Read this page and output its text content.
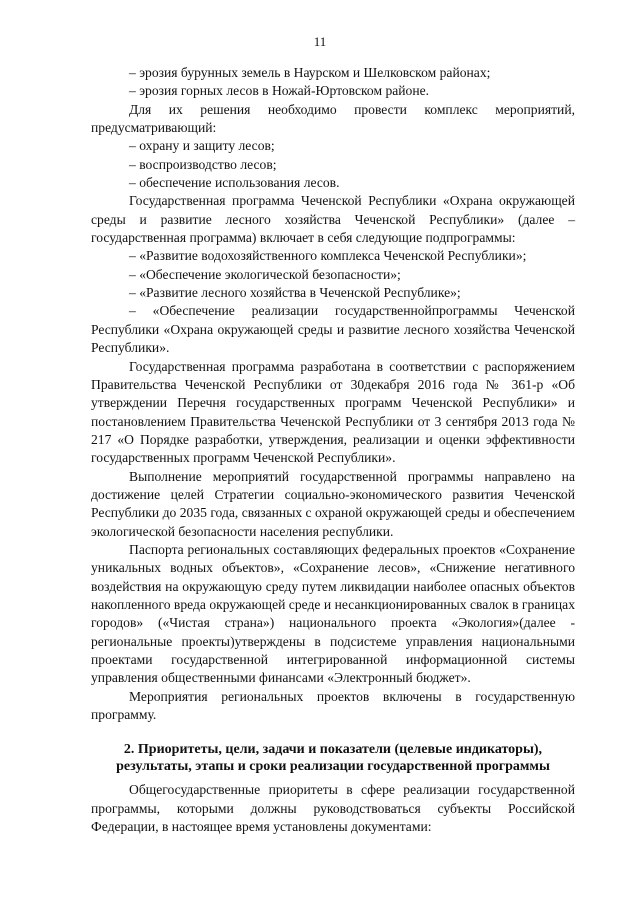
11

– эрозия бурунных земель в Наурском и Шелковском районах;

– эрозия горных лесов в Ножай-Юртовском районе.

Для их решения необходимо провести комплекс мероприятий, предусматривающий:

– охрану и защиту лесов;

– воспроизводство лесов;

– обеспечение использования лесов.

Государственная программа Чеченской Республики «Охрана окружающей среды и развитие лесного хозяйства Чеченской Республики» (далее – государственная программа) включает в себя следующие подпрограммы:

– «Развитие водохозяйственного комплекса Чеченской Республики»;

– «Обеспечение экологической безопасности»;

– «Развитие лесного хозяйства в Чеченской Республике»;

– «Обеспечение реализации государственнойпрограммы Чеченской Республики «Охрана окружающей среды и развитие лесного хозяйства Чеченской Республики».

Государственная программа разработана в соответствии с распоряжением Правительства Чеченской Республики от 30декабря 2016 года № 361-р «Об утверждении Перечня государственных программ Чеченской Республики» и постановлением Правительства Чеченской Республики от 3 сентября 2013 года № 217 «О Порядке разработки, утверждения, реализации и оценки эффективности государственных программ Чеченской Республики».

Выполнение мероприятий государственной программы направлено на достижение целей Стратегии социально-экономического развития Чеченской Республики до 2035 года, связанных с охраной окружающей среды и обеспечением экологической безопасности населения республики.

Паспорта региональных составляющих федеральных проектов «Сохранение уникальных водных объектов», «Сохранение лесов», «Снижение негативного воздействия на окружающую среду путем ликвидации наиболее опасных объектов накопленного вреда окружающей среде и несанкционированных свалок в границах городов» («Чистая страна») национального проекта «Экология»(далее - региональные проекты)утверждены в подсистеме управления национальными проектами государственной интегрированной информационной системы управления общественными финансами «Электронный бюджет».

Мероприятия региональных проектов включены в государственную программу.

2. Приоритеты, цели, задачи и показатели (целевые индикаторы), результаты, этапы и сроки реализации государственной программы

Общегосударственные приоритеты в сфере реализации государственной программы, которыми должны руководствоваться субъекты Российской Федерации, в настоящее время установлены документами:
